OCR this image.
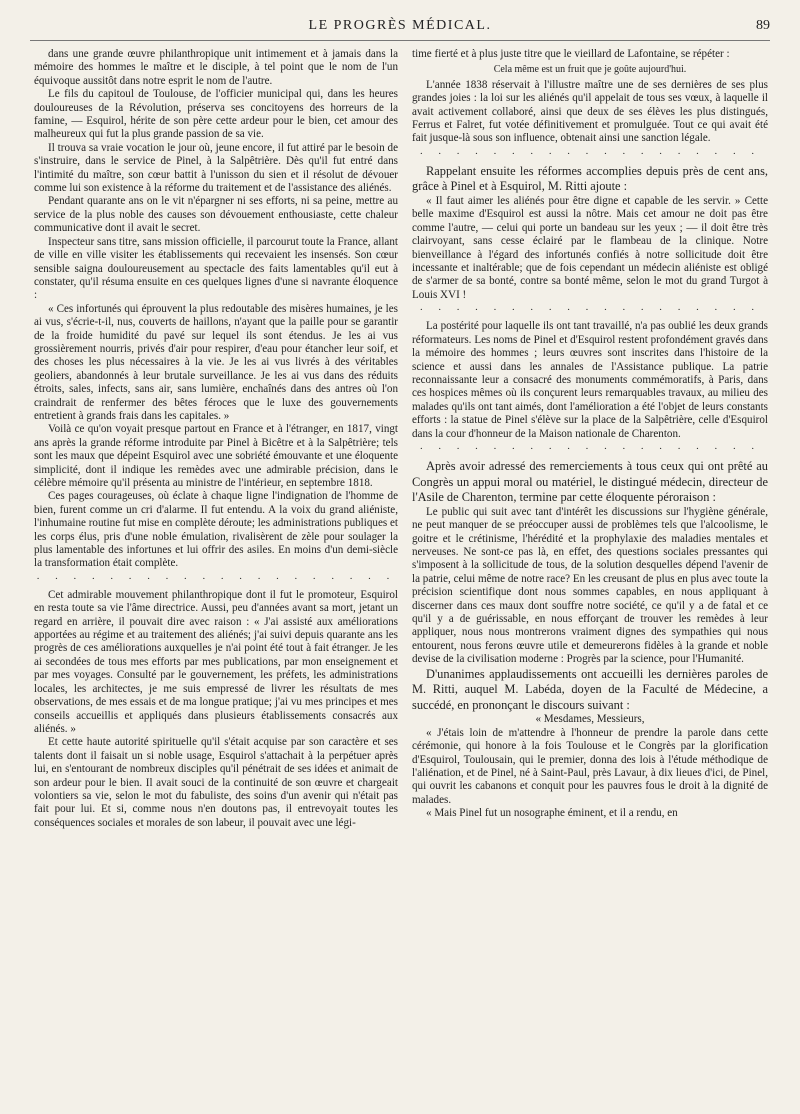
LE PROGRÈS MÉDICAL.	89

dans une grande œuvre philanthropique unit intimement et à jamais dans la mémoire des hommes le maître et le disciple, à tel point que le nom de l'un équivoque aussitôt dans notre esprit le nom de l'autre.

Le fils du capitoul de Toulouse, de l'officier municipal qui, dans les heures douloureuses de la Révolution, préserva ses concitoyens des horreurs de la famine, — Esquirol, hérite de son père cette ardeur pour le bien, cet amour des malheureux qui fut la plus grande passion de sa vie.

Il trouva sa vraie vocation le jour où, jeune encore, il fut attiré par le besoin de s'instruire, dans le service de Pinel, à la Salpêtrière. Dès qu'il fut entré dans l'intimité du maître, son cœur battit à l'unisson du sien et il résolut de dévouer comme lui son existence à la réforme du traitement et de l'assistance des aliénés.

Pendant quarante ans on le vit n'épargner ni ses efforts, ni sa peine, mettre au service de la plus noble des causes son dévouement enthousiaste, cette chaleur communicative dont il avait le secret.

Inspecteur sans titre, sans mission officielle, il parcourut toute la France, allant de ville en ville visiter les établissements qui recevaient les insensés. Son cœur sensible saigna douloureusement au spectacle des faits lamentables qu'il eut à constater, qu'il résuma ensuite en ces quelques lignes d'une si navrante éloquence :

« Ces infortunés qui éprouvent la plus redoutable des misères humaines, je les ai vus, s'écrie-t-il, nus, couverts de haillons, n'ayant que la paille pour se garantir de la froide humidité du pavé sur lequel ils sont étendus. Je les ai vus grossièrement nourris, privés d'air pour respirer, d'eau pour étancher leur soif, et des choses les plus nécessaires à la vie. Je les ai vus livrés à des véritables geoliers, abandonnés à leur brutale surveillance. Je les ai vus dans des réduits étroits, sales, infects, sans air, sans lumière, enchaînés dans des antres où l'on craindrait de renfermer des bêtes féroces que le luxe des gouvernements entretient à grands frais dans les capitales. »

Voilà ce qu'on voyait presque partout en France et à l'étranger, en 1817, vingt ans après la grande réforme introduite par Pinel à Bicêtre et à la Salpêtrière; tels sont les maux que dépeint Esquirol avec une sobriété émouvante et une éloquente simplicité, dont il indique les remèdes avec une admirable précision, dans le célèbre mémoire qu'il présenta au ministre de l'intérieur, en septembre 1818.

Ces pages courageuses, où éclate à chaque ligne l'indignation de l'homme de bien, furent comme un cri d'alarme. Il fut entendu. A la voix du grand aliéniste, l'inhumaine routine fut mise en complète déroute; les administrations publiques et les corps élus, pris d'une noble émulation, rivalisèrent de zèle pour soulager la plus lamentable des infortunes et lui offrir des asiles. En moins d'un demi-siècle la transformation était complète.

· · ·

Cet admirable mouvement philanthropique dont il fut le promoteur, Esquirol en resta toute sa vie l'âme directrice. Aussi, peu d'années avant sa mort, jetant un regard en arrière, il pouvait dire avec raison : « J'ai assisté aux améliorations apportées au régime et au traitement des aliénés; j'ai suivi depuis quarante ans les progrès de ces améliorations auxquelles je n'ai point été tout à fait étranger. Je les ai secondées de tous mes efforts par mes publications, par mon enseignement et par mes voyages. Consulté par le gouvernement, les préfets, les administrations locales, les architectes, je me suis empressé de livrer les résultats de mes observations, de mes essais et de ma longue pratique; j'ai vu mes principes et mes conseils accueillis et appliqués dans plusieurs établissements consacrés aux aliénés. »

Et cette haute autorité spirituelle qu'il s'était acquise par son caractère et ses talents dont il faisait un si noble usage, Esquirol s'attachait à la perpétuer après lui, en s'entourant de nombreux disciples qu'il pénétrait de ses idées et animait de son ardeur pour le bien. Il avait souci de la continuité de son œuvre et chargeait volontiers sa vie, selon le mot du fabuliste, des soins d'un avenir qui n'était pas fait pour lui. Et si, comme nous n'en doutons pas, il entrevoyait toutes les conséquences sociales et morales de son labeur, il pouvait avec une légi-

time fierté et à plus juste titre que le vieillard de Lafontaine, se répéter :

Cela même est un fruit que je goûte aujourd'hui.

L'année 1838 réservait à l'illustre maître une de ses dernières de ses plus grandes joies : la loi sur les aliénés qu'il appelait de tous ses vœux, à laquelle il avait activement collaboré, ainsi que deux de ses élèves les plus distingués, Ferrus et Falret, fut votée définitivement et promulguée. Tout ce qui avait été fait jusque-là sous son influence, obtenait ainsi une sanction légale.

· · ·

Rappelant ensuite les réformes accomplies depuis près de cent ans, grâce à Pinel et à Esquirol, M. Ritti ajoute :

« Il faut aimer les aliénés pour être digne et capable de les servir. » Cette belle maxime d'Esquirol est aussi la nôtre. Mais cet amour ne doit pas être comme l'autre, — celui qui porte un bandeau sur les yeux ; — il doit être très clairvoyant, sans cesse éclairé par le flambeau de la clinique. Notre bienveillance à l'égard des infortunés confiés à notre sollicitude doit être incessante et inaltérable; que de fois cependant un médecin aliéniste est obligé de s'armer de sa bonté, contre sa bonté même, selon le mot du grand Turgot à Louis XVI !

· · ·

La postérité pour laquelle ils ont tant travaillé, n'a pas oublié les deux grands réformateurs. Les noms de Pinel et d'Esquirol restent profondément gravés dans la mémoire des hommes ; leurs œuvres sont inscrites dans l'histoire de la science et aussi dans les annales de l'Assistance publique. La patrie reconnaissante leur a consacré des monuments commémoratifs, à Paris, dans ces hospices mêmes où ils conçurent leurs remarquables travaux, au milieu des malades qu'ils ont tant aimés, dont l'amélioration a été l'objet de leurs constants efforts : la statue de Pinel s'élève sur la place de la Salpêtrière, celle d'Esquirol dans la cour d'honneur de la Maison nationale de Charenton.

· · ·

Après avoir adressé des remerciements à tous ceux qui ont prêté au Congrès un appui moral ou matériel, le distingué médecin, directeur de l'Asile de Charenton, termine par cette éloquente péroraison :

Le public qui suit avec tant d'intérêt les discussions sur l'hygiène générale, ne peut manquer de se préoccuper aussi de problèmes tels que l'alcoolisme, le goitre et le crétinisme, l'hérédité et la prophylaxie des maladies mentales et nerveuses. Ne sont-ce pas là, en effet, des questions sociales pressantes qui s'imposent à la sollicitude de tous, de la solution desquelles dépend l'avenir de la patrie, celui même de notre race? En les creusant de plus en plus avec toute la précision scientifique dont nous sommes capables, en nous appliquant à discerner dans ces maux dont souffre notre société, ce qu'il y a de fatal et ce qu'il y a de guérissable, en nous efforçant de trouver les remèdes à leur appliquer, nous nous montrerons vraiment dignes des sympathies qui nous entourent, nous ferons œuvre utile et demeurerons fidèles à la grande et noble devise de la civilisation moderne : Progrès par la science, pour l'Humanité.

D'unanimes applaudissements ont accueilli les dernières paroles de M. Ritti, auquel M. Labéda, doyen de la Faculté de Médecine, a succédé, en prononçant le discours suivant :

« Mesdames, Messieurs,

« J'étais loin de m'attendre à l'honneur de prendre la parole dans cette cérémonie, qui honore à la fois Toulouse et le Congrès par la glorification d'Esquirol, Toulousain, qui le premier, donna des lois à l'étude méthodique de l'aliénation, et de Pinel, né à Saint-Paul, près Lavaur, à dix lieues d'ici, de Pinel, qui ouvrit les cabanons et conquit pour les pauvres fous le droit à la dignité de malades.

« Mais Pinel fut un nosographe éminent, et il a rendu, en
